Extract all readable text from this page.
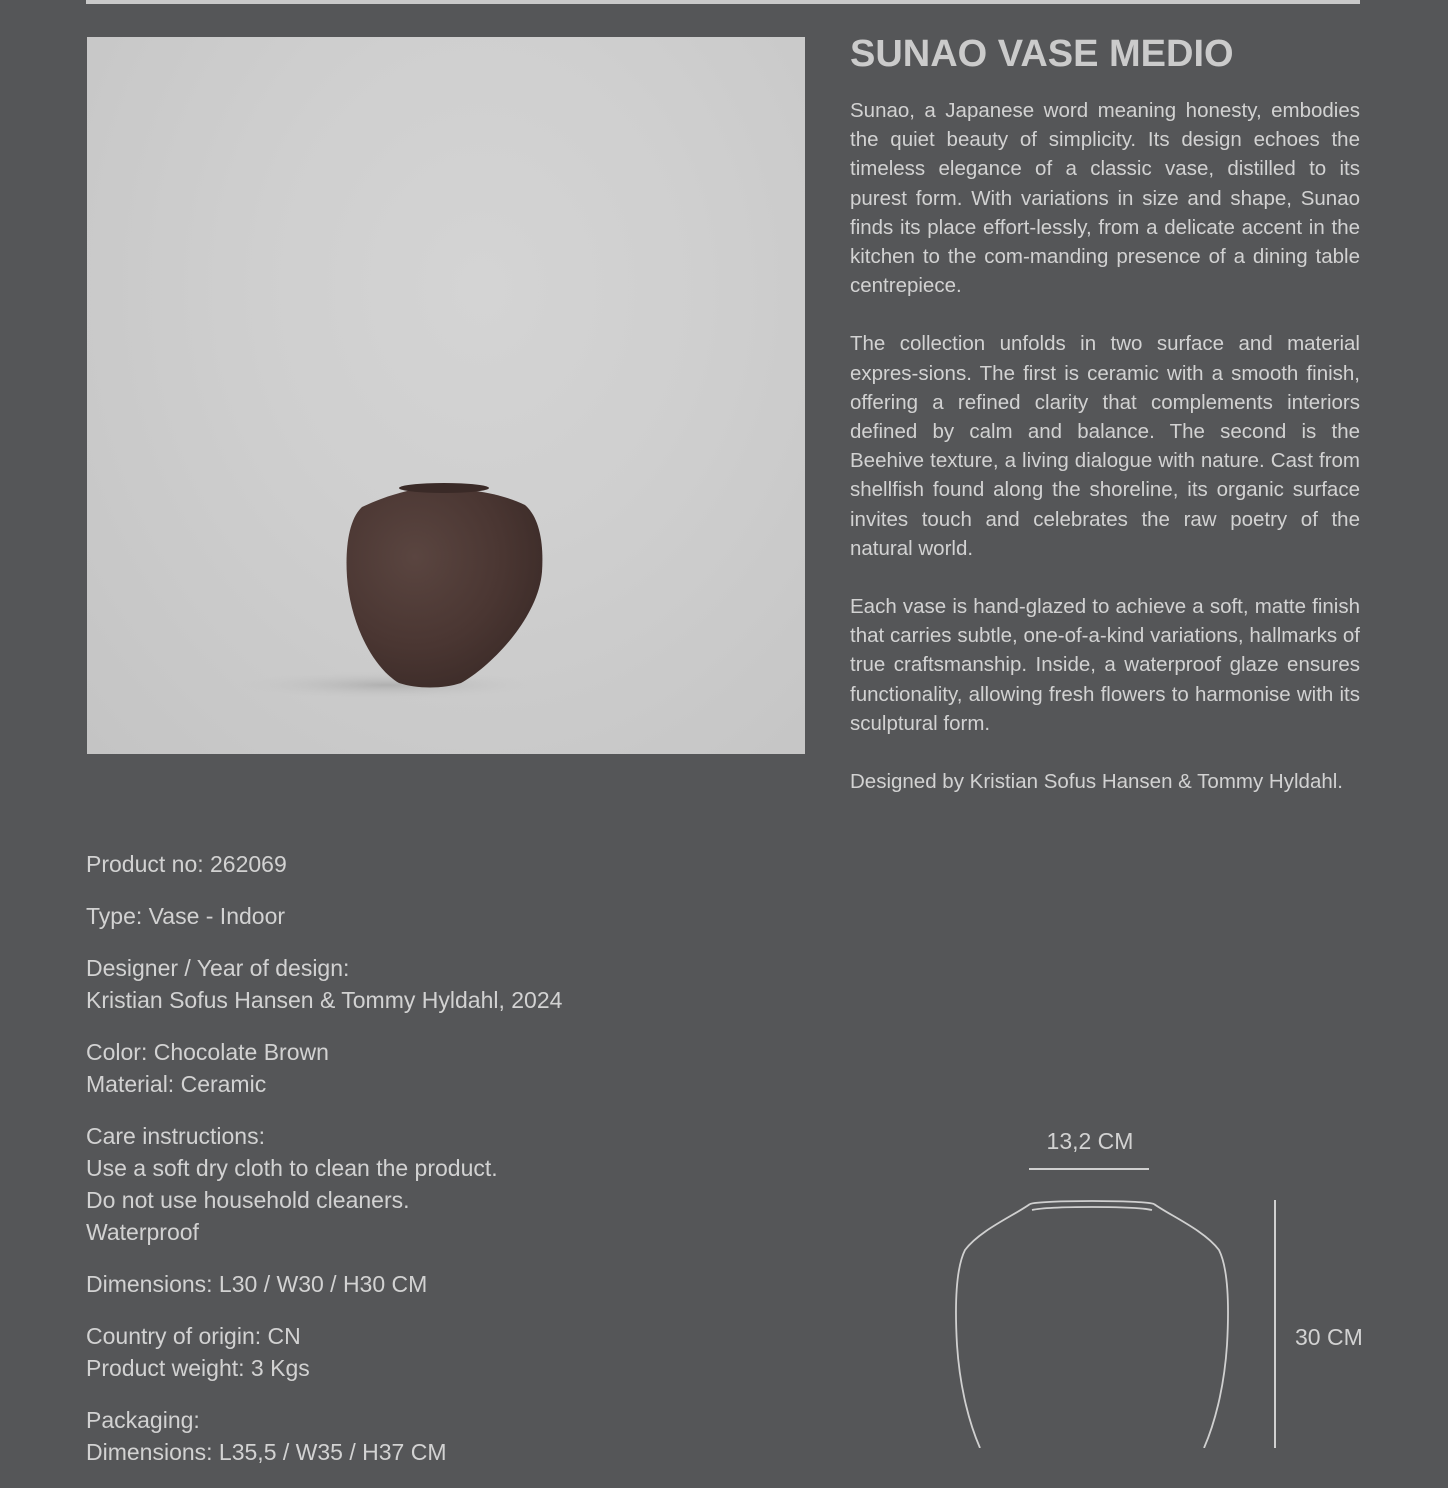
SUNAO VASE MEDIO

Sunao, a Japanese word meaning honesty, embodies the quiet beauty of simplicity. Its design echoes the timeless elegance of a classic vase, distilled to its purest form. With variations in size and shape, Sunao finds its place effort-lessly, from a delicate accent in the kitchen to the com-manding presence of a dining table centrepiece.

The collection unfolds in two surface and material expres-sions. The first is ceramic with a smooth finish, offering a refined clarity that complements interiors defined by calm and balance. The second is the Beehive texture, a living dialogue with nature. Cast from shellfish found along the shoreline, its organic surface invites touch and celebrates the raw poetry of the natural world.

Each vase is hand-glazed to achieve a soft, matte finish that carries subtle, one-of-a-kind variations, hallmarks of true craftsmanship. Inside, a waterproof glaze ensures functionality, allowing fresh flowers to harmonise with its sculptural form.

Designed by Kristian Sofus Hansen & Tommy Hyldahl.

Product no: 262069
Type: Vase - Indoor
Designer / Year of design:
Kristian Sofus Hansen & Tommy Hyldahl, 2024
Color: Chocolate Brown
Material: Ceramic
Care instructions:
Use a soft dry cloth to clean the product.
Do not use household cleaners.
Waterproof
Dimensions: L30 / W30 / H30 CM
Country of origin: CN
Product weight: 3 Kgs
Packaging:
Dimensions: L35,5 / W35 / H37 CM
13,2 CM
30 CM
